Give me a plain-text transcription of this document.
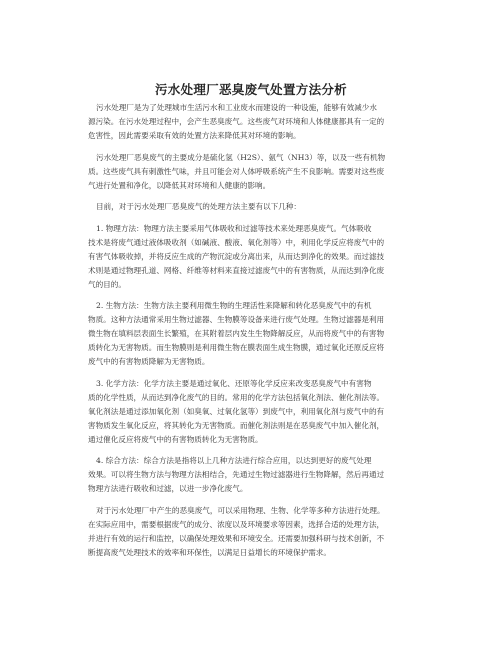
污水处理厂恶臭废气处置方法分析
污水处理厂是为了处理城市生活污水和工业废水而建设的一种设施，能够有效减少水
源污染。在污水处理过程中，会产生恶臭废气。这些废气对环境和人体健康都具有一定的
危害性，因此需要采取有效的处置方法来降低其对环境的影响。
污水处理厂恶臭废气的主要成分是硫化氢（H2S）、氨气（NH3）等，以及一些有机物
质。这些废气具有刺激性气味，并且可能会对人体呼吸系统产生不良影响。需要对这些废
气进行处置和净化，以降低其对环境和人健康的影响。
目前，对于污水处理厂恶臭废气的处理方法主要有以下几种：
1. 物理方法：物理方法主要采用气体吸收和过滤等技术来处理恶臭废气。气体吸收
技术是将废气通过液体吸收剂（如碱液、酸液、氧化剂等）中，利用化学反应将废气中的
有害气体吸收掉，并将反应生成的产物沉淀或分离出来，从而达到净化的效果。而过滤技
术则是通过物理孔道、网格、纤维等材料来直接过滤废气中的有害物质，从而达到净化废
气的目的。
2. 生物方法：生物方法主要利用微生物的生理活性来降解和转化恶臭废气中的有机
物质。这种方法通常采用生物过滤器、生物膜等设备来进行废气处理。生物过滤器是利用
微生物在填料层表面生长繁殖，在其附着层内发生生物降解反应，从而将废气中的有害物
质转化为无害物质。而生物膜则是利用微生物在膜表面生成生物膜，通过氧化还原反应将
废气中的有害物质降解为无害物质。
3. 化学方法：化学方法主要是通过氧化、还原等化学反应来改变恶臭废气中有害物
质的化学性质，从而达到净化废气的目的。常用的化学方法包括氧化剂法、催化剂法等。
氧化剂法是通过添加氧化剂（如臭氧、过氧化氢等）到废气中，利用氧化剂与废气中的有
害物质发生氧化反应，将其转化为无害物质。而催化剂法则是在恶臭废气中加入催化剂，
通过催化反应将废气中的有害物质转化为无害物质。
4. 综合方法：综合方法是指将以上几种方法进行综合应用，以达到更好的废气处理
效果。可以将生物方法与物理方法相结合，先通过生物过滤器进行生物降解，然后再通过
物理方法进行吸收和过滤，以进一步净化废气。
对于污水处理厂中产生的恶臭废气，可以采用物理、生物、化学等多种方法进行处理。
在实际应用中，需要根据废气的成分、浓度以及环境要求等因素，选择合适的处理方法，
并进行有效的运行和监控，以确保处理效果和环境安全。还需要加强科研与技术创新，不
断提高废气处理技术的效率和环保性，以满足日益增长的环境保护需求。
